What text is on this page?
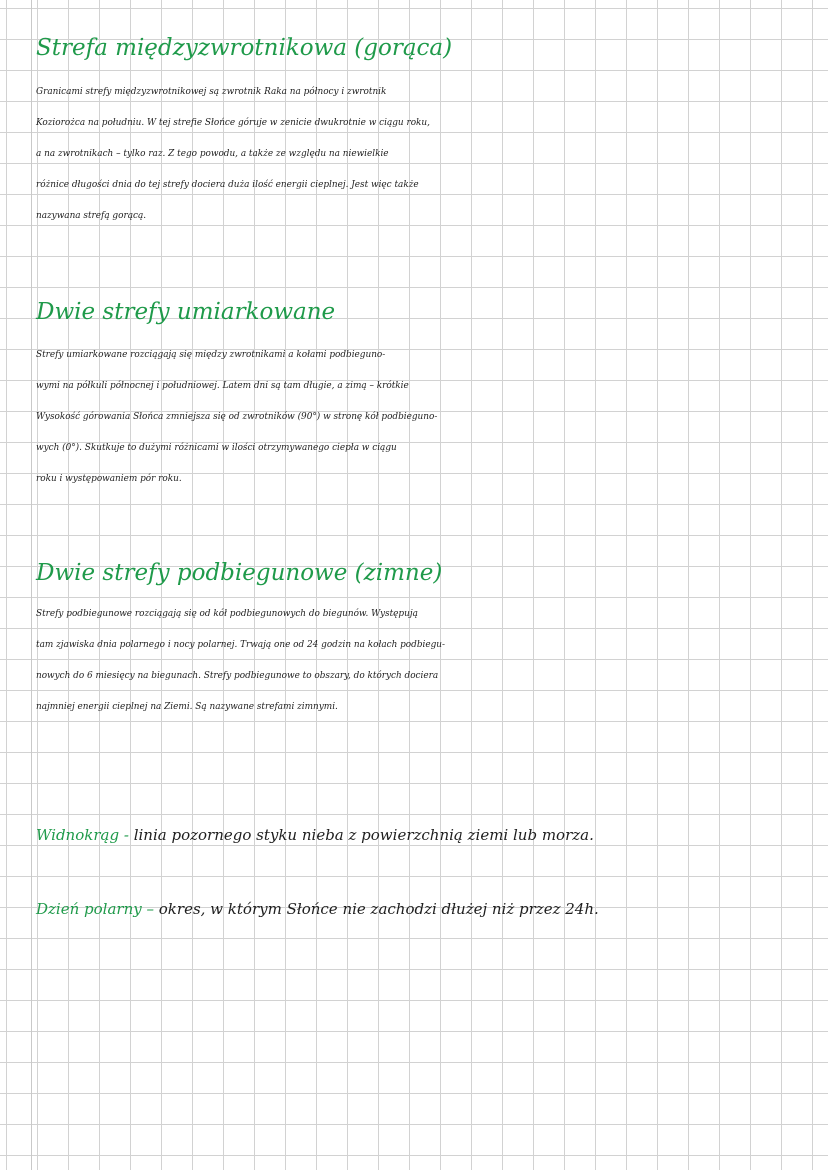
Strefa międzyzwrotnikowa (gorąca)
Granicami strefy międzyzwrotnikowej są zwrotnik Raka na północy i zwrotnik
Koziorożca na południu. W tej strefie Słońce góruje w zenicie dwukrotnie w ciągu roku,
a na zwrotnikach – tylko raz. Z tego powodu, a także ze względu na niewielkie
różnice długości dnia do tej strefy dociera duża ilość energii cieplnej. Jest więc także
nazywana strefą gorącą.
Dwie strefy umiarkowane
Strefy umiarkowane rozciągają się między zwrotnikami a kołami podbieguno-
wymi na półkuli północnej i południowej. Latem dni są tam długie, a zimą – krótkie
Wysokość górowania Słońca zmniejsza się od zwrotników (90°) w stronę kół podbieguno-
wych (0°). Skutkuje to dużymi różnicami w ilości otrzymywanego ciepła w ciągu
roku i występowaniem pór roku.
Dwie strefy podbiegunowe (zimne)
Strefy podbiegunowe rozciągają się od kół podbiegunowych do biegunów. Występują
tam zjawiska dnia polarnego i nocy polarnej. Trwają one od 24 godzin na kołach podbiegu-
nowych do 6 miesięcy na biegunach. Strefy podbiegunowe to obszary, do których dociera
najmniej energii cieplnej na Ziemi. Są nazywane strefami zimnymi.
Widnokrąg - linia pozornego styku nieba z powierzchnią ziemi lub morza.
Dzień polarny – okres, w którym Słońce nie zachodzi dłużej niż przez 24h.
